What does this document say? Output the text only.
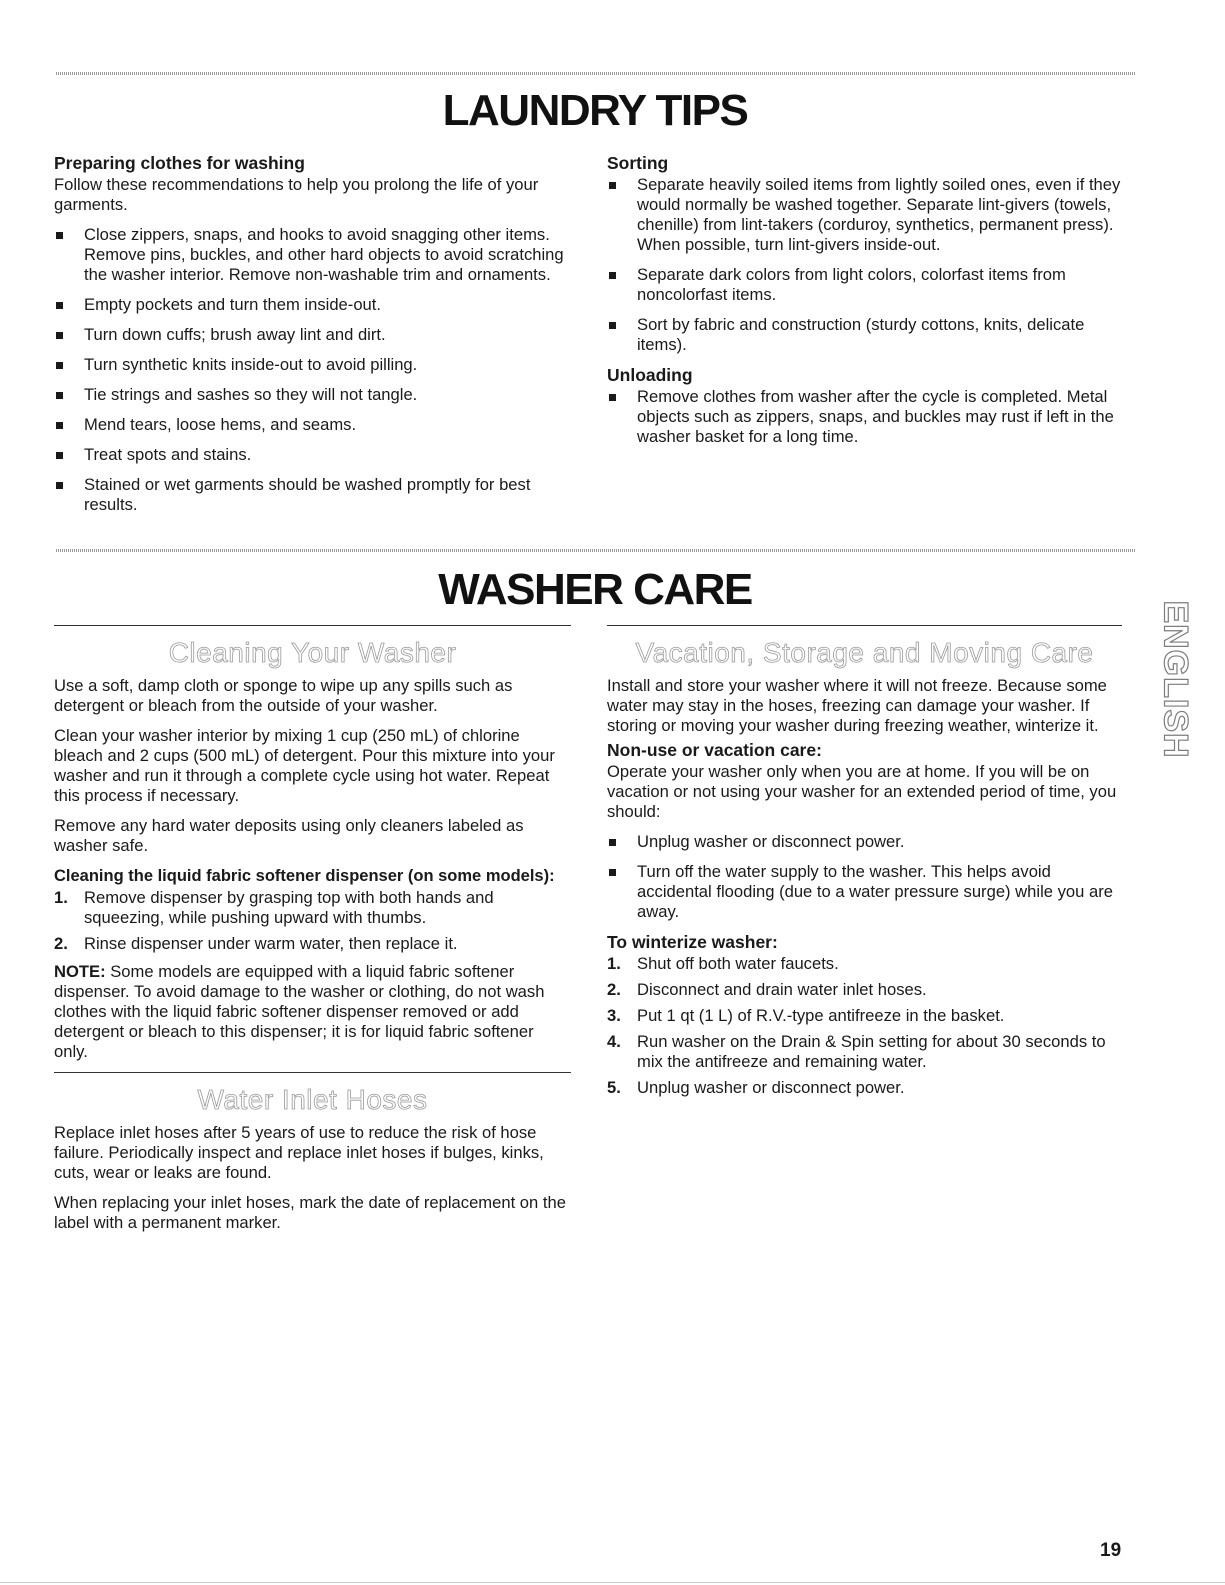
LAUNDRY TIPS
Preparing clothes for washing

Follow these recommendations to help you prolong the life of your garments.

Close zippers, snaps, and hooks to avoid snagging other items. Remove pins, buckles, and other hard objects to avoid scratching the washer interior. Remove non-washable trim and ornaments.
Empty pockets and turn them inside-out.
Turn down cuffs; brush away lint and dirt.
Turn synthetic knits inside-out to avoid pilling.
Tie strings and sashes so they will not tangle.
Mend tears, loose hems, and seams.
Treat spots and stains.
Stained or wet garments should be washed promptly for best results.
Sorting
Separate heavily soiled items from lightly soiled ones, even if they would normally be washed together. Separate lint-givers (towels, chenille) from lint-takers (corduroy, synthetics, permanent press). When possible, turn lint-givers inside-out.
Separate dark colors from light colors, colorfast items from noncolorfast items.
Sort by fabric and construction (sturdy cottons, knits, delicate items).
Unloading
Remove clothes from washer after the cycle is completed. Metal objects such as zippers, snaps, and buckles may rust if left in the washer basket for a long time.
WASHER CARE
Cleaning Your Washer

Use a soft, damp cloth or sponge to wipe up any spills such as detergent or bleach from the outside of your washer.

Clean your washer interior by mixing 1 cup (250 mL) of chlorine bleach and 2 cups (500 mL) of detergent. Pour this mixture into your washer and run it through a complete cycle using hot water. Repeat this process if necessary.

Remove any hard water deposits using only cleaners labeled as washer safe.

Cleaning the liquid fabric softener dispenser (on some models):
1. Remove dispenser by grasping top with both hands and squeezing, while pushing upward with thumbs.
2. Rinse dispenser under warm water, then replace it.

NOTE: Some models are equipped with a liquid fabric softener dispenser. To avoid damage to the washer or clothing, do not wash clothes with the liquid fabric softener dispenser removed or add detergent or bleach to this dispenser; it is for liquid fabric softener only.

Water Inlet Hoses

Replace inlet hoses after 5 years of use to reduce the risk of hose failure. Periodically inspect and replace inlet hoses if bulges, kinks, cuts, wear or leaks are found.

When replacing your inlet hoses, mark the date of replacement on the label with a permanent marker.

Vacation, Storage and Moving Care

Install and store your washer where it will not freeze. Because some water may stay in the hoses, freezing can damage your washer. If storing or moving your washer during freezing weather, winterize it.

Non-use or vacation care:

Operate your washer only when you are at home. If you will be on vacation or not using your washer for an extended period of time, you should:

Unplug washer or disconnect power.
Turn off the water supply to the washer. This helps avoid accidental flooding (due to a water pressure surge) while you are away.
To winterize washer:
1. Shut off both water faucets.
2. Disconnect and drain water inlet hoses.
3. Put 1 qt (1 L) of R.V.-type antifreeze in the basket.
4. Run washer on the Drain & Spin setting for about 30 seconds to mix the antifreeze and remaining water.
5. Unplug washer or disconnect power.
ENGLISH
19
